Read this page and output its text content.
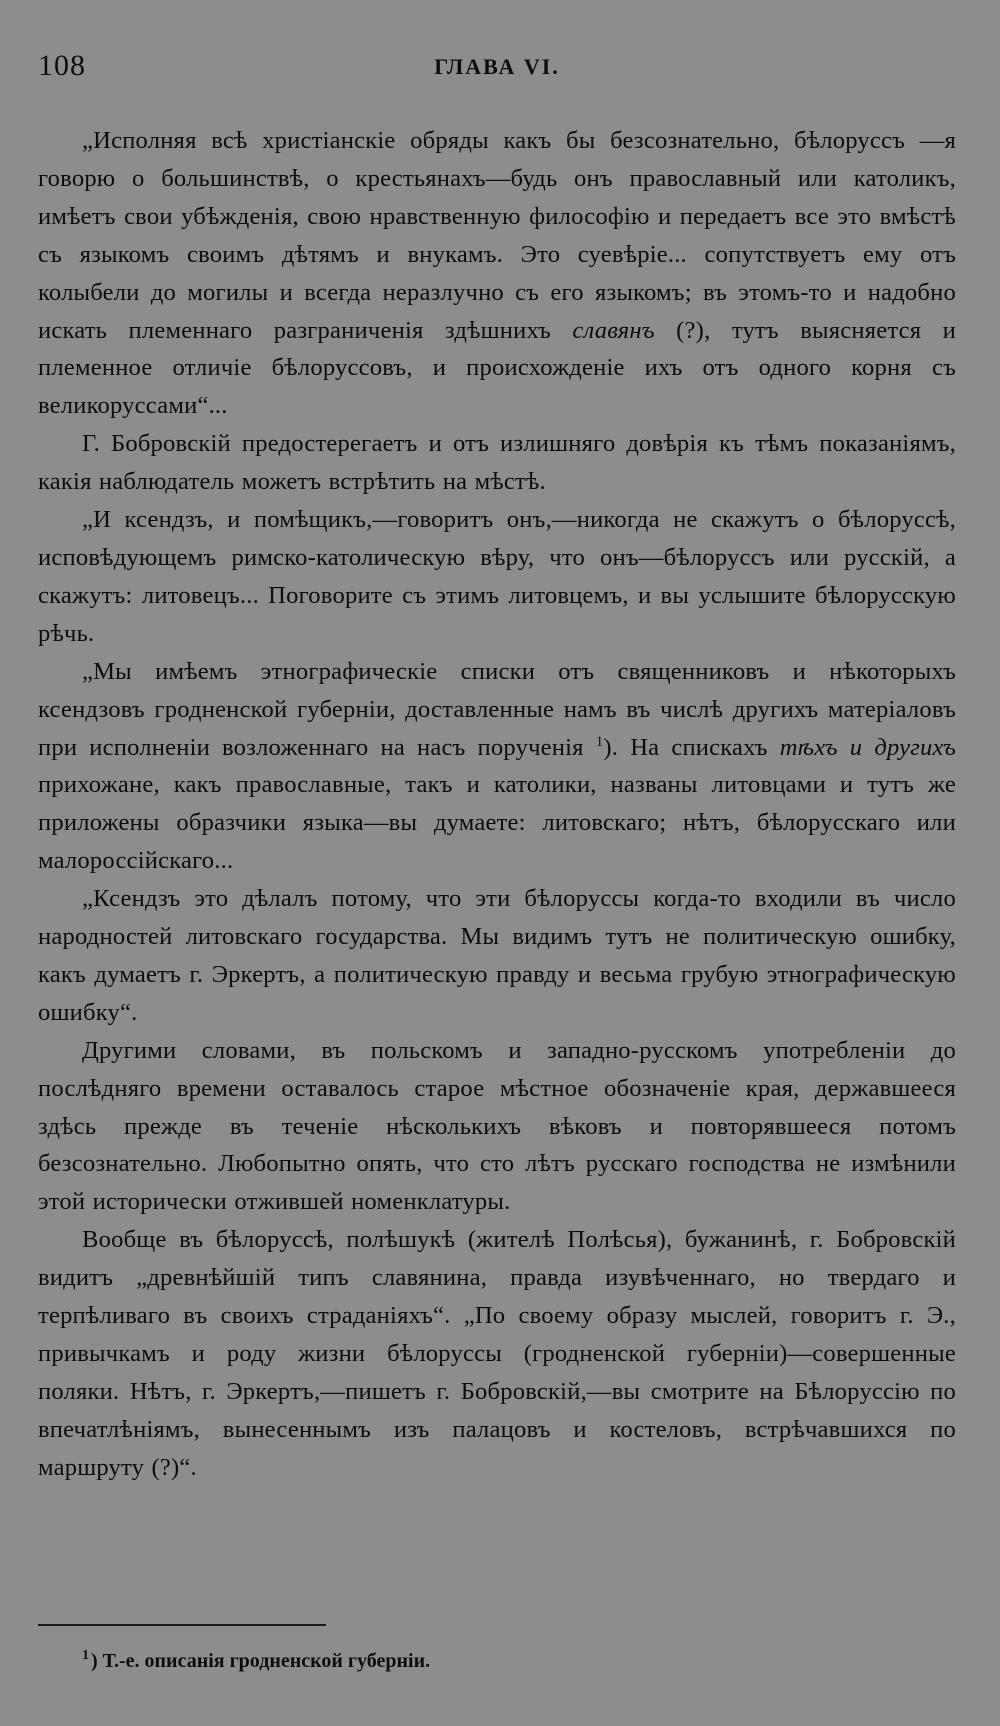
108	ГЛАВА VI.

„Исполняя всѣ христіанскіе обряды какъ бы безсознательно, бѣлоруссъ —я говорю о большинствѣ, о крестьянахъ—будь онъ православный или католикъ, имѣетъ свои убѣжденія, свою нравственную философію и передаетъ все это вмѣстѣ съ языкомъ своимъ дѣтямъ и внукамъ. Это суевѣріе... сопутствуетъ ему отъ колыбели до могилы и всегда неразлучно съ его языкомъ; въ этомъ-то и надобно искать племеннаго разграниченія здѣшнихъ славянъ (?), тутъ выясняется и племенное отличіе бѣлоруссовъ, и происхожденіе ихъ отъ одного корня съ великоруссами“...

Г. Бобровскій предостерегаетъ и отъ излишняго довѣрія къ тѣмъ показаніямъ, какія наблюдатель можетъ встрѣтить на мѣстѣ.

„И ксендзъ, и помѣщикъ,—говоритъ онъ,—никогда не скажутъ о бѣлоруссѣ, исповѣдующемъ римско-католическую вѣру, что онъ—бѣлоруссъ или русскій, а скажутъ: литовецъ... Поговорите съ этимъ литовцемъ, и вы услышите бѣлорусскую рѣчь.

„Мы имѣемъ этнографическіе списки отъ священниковъ и нѣкоторыхъ ксендзовъ гродненской губерніи, доставленные намъ въ числѣ другихъ матеріаловъ при исполненіи возложеннаго на насъ порученія $^1$). На спискахъ тѣхъ и другихъ прихожане, какъ православные, такъ и католики, названы литовцами и тутъ же приложены образчики языка—вы думаете: литовскаго; нѣтъ, бѣлорусскаго или малороссійскаго...

„Ксендзъ это дѣлалъ потому, что эти бѣлоруссы когда-то входили въ число народностей литовскаго государства. Мы видимъ тутъ не политическую ошибку, какъ думаетъ г. Эркертъ, а политическую правду и весьма грубую этнографическую ошибку“.

Другими словами, въ польскомъ и западно-русскомъ употребленіи до послѣдняго времени оставалось старое мѣстное обозначеніе края, державшееся здѣсь прежде въ теченіе нѣсколькихъ вѣковъ и повторявшееся потомъ безсознательно. Любопытно опять, что сто лѣтъ русскаго господства не измѣнили этой исторически отжившей номенклатуры.

Вообще въ бѣлоруссѣ, полѣшукѣ (жителѣ Полѣсья), бужанинѣ, г. Бобровскій видитъ „древнѣйшій типъ славянина, правда изувѣченнаго, но твердаго и терпѣливаго въ своихъ страданіяхъ“. „По своему образу мыслей, говоритъ г. Э., привычкамъ и роду жизни бѣлоруссы (гродненской губерніи)—совершенные поляки. Нѣтъ, г. Эркертъ,—пишетъ г. Бобровскій,—вы смотрите на Бѣлоруссію по впечатлѣніямъ, вынесеннымъ изъ палацовъ и костеловъ, встрѣчавшихся по маршруту (?)“.

$^1$ ) Т.-е. описанія гродненской губерніи.
